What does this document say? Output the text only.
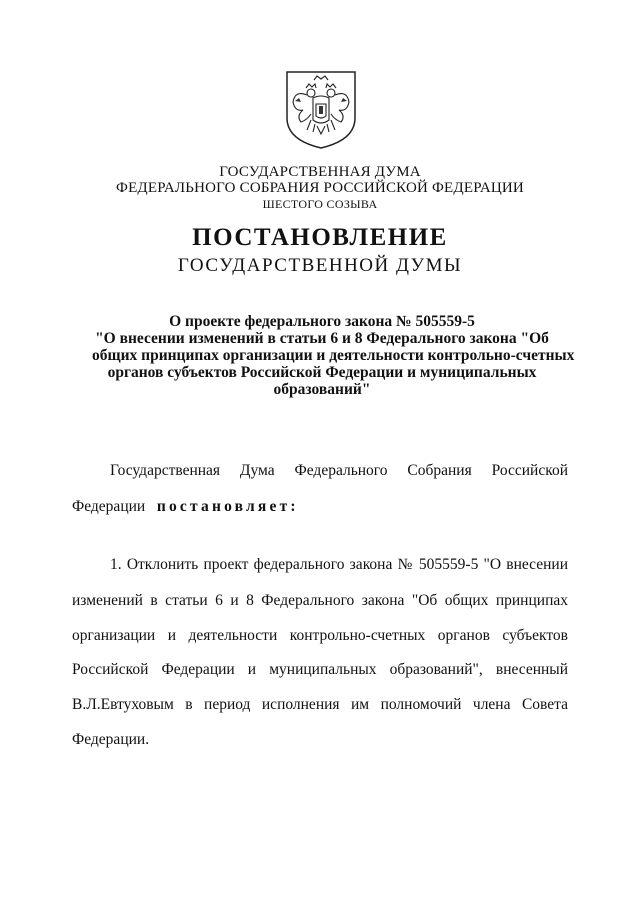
ГОСУДАРСТВЕННАЯ ДУМА
ФЕДЕРАЛЬНОГО СОБРАНИЯ РОССИЙСКОЙ ФЕДЕРАЦИИ
ШЕСТОГО СОЗЫВА
ПОСТАНОВЛЕНИЕ
ГОСУДАРСТВЕННОЙ ДУМЫ
О проекте федерального закона № 505559-5
"О внесении изменений в статьи 6 и 8 Федерального закона "Об
общих принципах организации и деятельности контрольно-счетных
органов субъектов Российской Федерации и муниципальных
образований"
Государственная Дума Федерального Собрания Российской
Федерации постановляет:
1. Отклонить проект федерального закона № 505559-5 "О внесении
изменений в статьи 6 и 8 Федерального закона "Об общих принципах
организации и деятельности контрольно-счетных органов субъектов
Российской Федерации и муниципальных образований", внесенный
В.Л.Евтуховым в период исполнения им полномочий члена Совета
Федерации.
